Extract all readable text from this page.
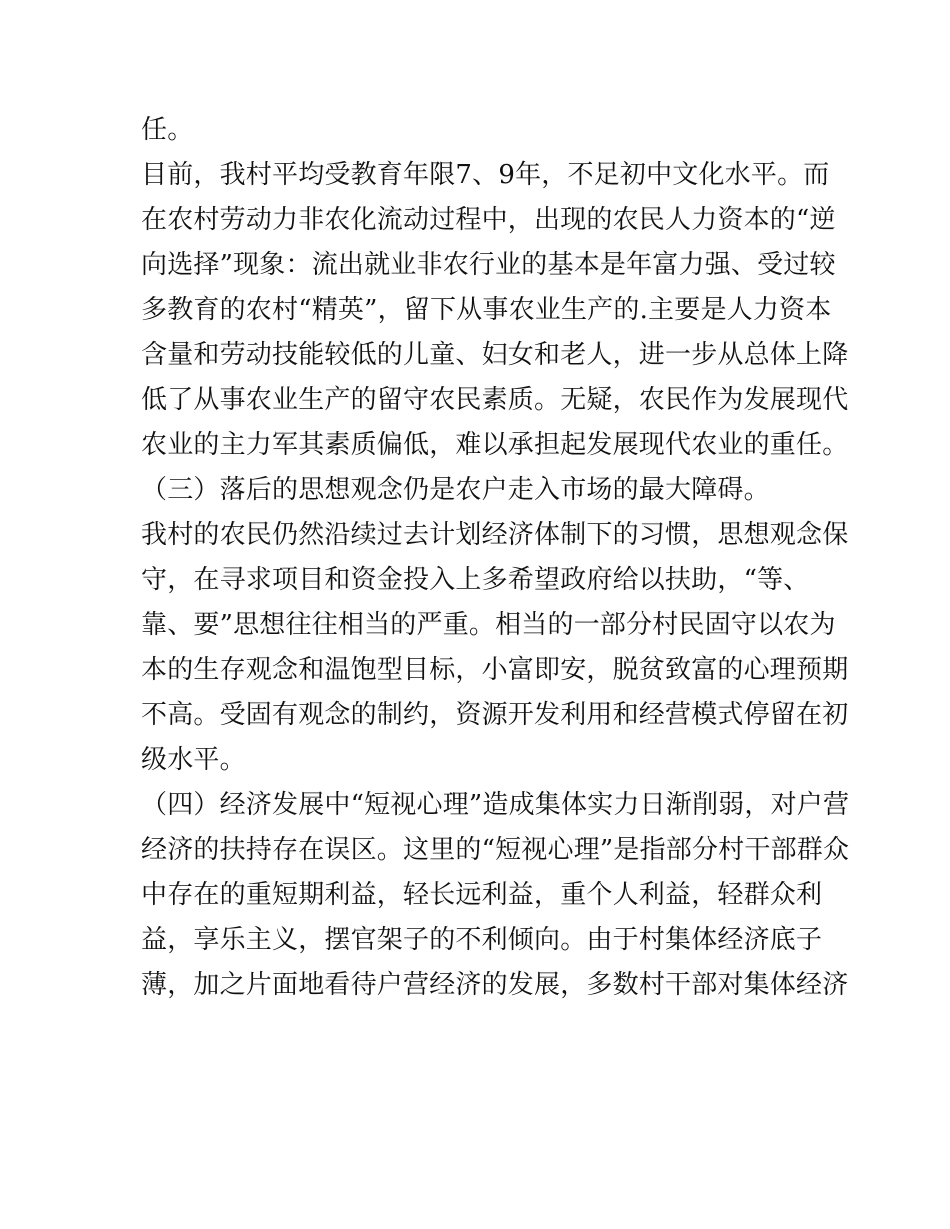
任。
目前，我村平均受教育年限7、9年，不足初中文化水平。而
在农村劳动力非农化流动过程中，出现的农民人力资本的“逆
向选择”现象：流出就业非农行业的基本是年富力强、受过较
多教育的农村“精英”，留下从事农业生产的.主要是人力资本
含量和劳动技能较低的儿童、妇女和老人，进一步从总体上降
低了从事农业生产的留守农民素质。无疑，农民作为发展现代
农业的主力军其素质偏低，难以承担起发展现代农业的重任。
（三）落后的思想观念仍是农户走入市场的最大障碍。
我村的农民仍然沿续过去计划经济体制下的习惯，思想观念保
守，在寻求项目和资金投入上多希望政府给以扶助，“等、
靠、要”思想往往相当的严重。相当的一部分村民固守以农为
本的生存观念和温饱型目标，小富即安，脱贫致富的心理预期
不高。受固有观念的制约，资源开发利用和经营模式停留在初
级水平。
（四）经济发展中“短视心理”造成集体实力日渐削弱，对户营
经济的扶持存在误区。这里的“短视心理”是指部分村干部群众
中存在的重短期利益，轻长远利益，重个人利益，轻群众利
益，享乐主义，摆官架子的不利倾向。由于村集体经济底子
薄，加之片面地看待户营经济的发展，多数村干部对集体经济
